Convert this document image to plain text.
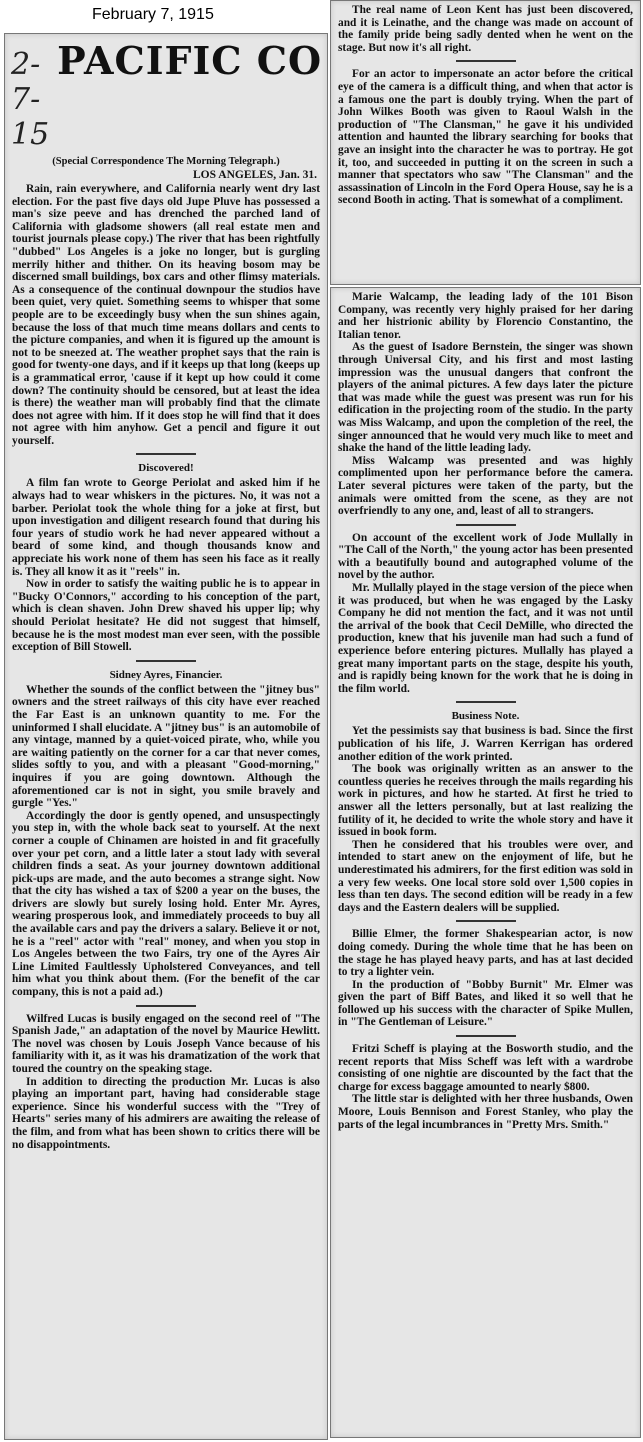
February 7, 1915
2-7-15
PACIFIC CO
(Special Correspondence The Morning Telegraph.)
LOS ANGELES, Jan. 31.

Rain, rain everywhere, and California nearly went dry last election. For the past five days old Jupe Pluve has possessed a man's size peeve and has drenched the parched land of California with gladsome showers (all real estate men and tourist journals please copy.) The river that has been rightfully "dubbed" Los Angeles is a joke no longer, but is gurgling merrily hither and thither. On its heaving bosom may be discerned small buildings, box cars and other flimsy materials. As a consequence of the continual downpour the studios have been quiet, very quiet. Something seems to whisper that some people are to be exceedingly busy when the sun shines again, because the loss of that much time means dollars and cents to the picture companies, and when it is figured up the amount is not to be sneezed at. The weather prophet says that the rain is good for twenty-one days, and if it keeps up that long (keeps up is a grammatical error, 'cause if it kept up how could it come down? The continuity should be censored, but at least the idea is there) the weather man will probably find that the climate does not agree with him. If it does stop he will find that it does not agree with him anyhow. Get a pencil and figure it out yourself.

Discovered!

A film fan wrote to George Periolat and asked him if he always had to wear whiskers in the pictures. No, it was not a barber. Periolat took the whole thing for a joke at first, but upon investigation and diligent research found that during his four years of studio work he had never appeared without a beard of some kind, and though thousands know and appreciate his work none of them has seen his face as it really is. They all know it as it "reels" in.

Now in order to satisfy the waiting public he is to appear in "Bucky O'Connors," according to his conception of the part, which is clean shaven. John Drew shaved his upper lip; why should Periolat hesitate? He did not suggest that himself, because he is the most modest man ever seen, with the possible exception of Bill Stowell.

Sidney Ayres, Financier.

Whether the sounds of the conflict between the "jitney bus" owners and the street railways of this city have ever reached the Far East is an unknown quantity to me. For the uninformed I shall elucidate. A "jitney bus" is an automobile of any vintage, manned by a quiet-voiced pirate, who, while you are waiting patiently on the corner for a car that never comes, slides softly to you, and with a pleasant "Good-morning," inquires if you are going downtown. Although the aforementioned car is not in sight, you smile bravely and gurgle "Yes."

Accordingly the door is gently opened, and unsuspectingly you step in, with the whole back seat to yourself. At the next corner a couple of Chinamen are hoisted in and fit gracefully over your pet corn, and a little later a stout lady with several children finds a seat. As your journey downtown additional pick-ups are made, and the auto becomes a strange sight. Now that the city has wished a tax of $200 a year on the buses, the drivers are slowly but surely losing hold. Enter Mr. Ayres, wearing prosperous look, and immediately proceeds to buy all the available cars and pay the drivers a salary. Believe it or not, he is a "reel" actor with "real" money, and when you stop in Los Angeles between the two Fairs, try one of the Ayres Air Line Limited Faultlessly Upholstered Conveyances, and tell him what you think about them. (For the benefit of the car company, this is not a paid ad.)

Wilfred Lucas is busily engaged on the second reel of "The Spanish Jade," an adaptation of the novel by Maurice Hewlitt. The novel was chosen by Louis Joseph Vance because of his familiarity with it, as it was his dramatization of the work that toured the country on the speaking stage.

In addition to directing the production Mr. Lucas is also playing an important part, having had considerable stage experience. Since his wonderful success with the "Trey of Hearts" series many of his admirers are awaiting the release of the film, and from what has been shown to critics there will be no disappointments.

The real name of Leon Kent has just been discovered, and it is Leinathe, and the change was made on account of the family pride being sadly dented when he went on the stage. But now it's all right.

For an actor to impersonate an actor before the critical eye of the camera is a difficult thing, and when that actor is a famous one the part is doubly trying. When the part of John Wilkes Booth was given to Raoul Walsh in the production of "The Clansman," he gave it his undivided attention and haunted the library searching for books that gave an insight into the character he was to portray. He got it, too, and succeeded in putting it on the screen in such a manner that spectators who saw "The Clansman" and the assassination of Lincoln in the Ford Opera House, say he is a second Booth in acting. That is somewhat of a compliment.

Marie Walcamp, the leading lady of the 101 Bison Company, was recently very highly praised for her daring and her histrionic ability by Florencio Constantino, the Italian tenor.

As the guest of Isadore Bernstein, the singer was shown through Universal City, and his first and most lasting impression was the unusual dangers that confront the players of the animal pictures. A few days later the picture that was made while the guest was present was run for his edification in the projecting room of the studio. In the party was Miss Walcamp, and upon the completion of the reel, the singer announced that he would very much like to meet and shake the hand of the little leading lady.

Miss Walcamp was presented and was highly complimented upon her performance before the camera. Later several pictures were taken of the party, but the animals were omitted from the scene, as they are not overfriendly to any one, and, least of all to strangers.

On account of the excellent work of Jode Mullally in "The Call of the North," the young actor has been presented with a beautifully bound and autographed volume of the novel by the author.

Mr. Mullally played in the stage version of the piece when it was produced, but when he was engaged by the Lasky Company he did not mention the fact, and it was not until the arrival of the book that Cecil DeMille, who directed the production, knew that his juvenile man had such a fund of experience before entering pictures. Mullally has played a great many important parts on the stage, despite his youth, and is rapidly being known for the work that he is doing in the film world.

Business Note.

Yet the pessimists say that business is bad. Since the first publication of his life, J. Warren Kerrigan has ordered another edition of the work printed.

The book was originally written as an answer to the countless queries he receives through the mails regarding his work in pictures, and how he started. At first he tried to answer all the letters personally, but at last realizing the futility of it, he decided to write the whole story and have it issued in book form.

Then he considered that his troubles were over, and intended to start anew on the enjoyment of life, but he underestimated his admirers, for the first edition was sold in a very few weeks. One local store sold over 1,500 copies in less than ten days. The second edition will be ready in a few days and the Eastern dealers will be supplied.

Billie Elmer, the former Shakespearian actor, is now doing comedy. During the whole time that he has been on the stage he has played heavy parts, and has at last decided to try a lighter vein.

In the production of "Bobby Burnit" Mr. Elmer was given the part of Biff Bates, and liked it so well that he followed up his success with the character of Spike Mullen, in "The Gentleman of Leisure."

Fritzi Scheff is playing at the Bosworth studio, and the recent reports that Miss Scheff was left with a wardrobe consisting of one nightie are discounted by the fact that the charge for excess baggage amounted to nearly $800.

The little star is delighted with her three husbands, Owen Moore, Louis Bennison and Forest Stanley, who play the parts of the legal incumbrances in "Pretty Mrs. Smith."
